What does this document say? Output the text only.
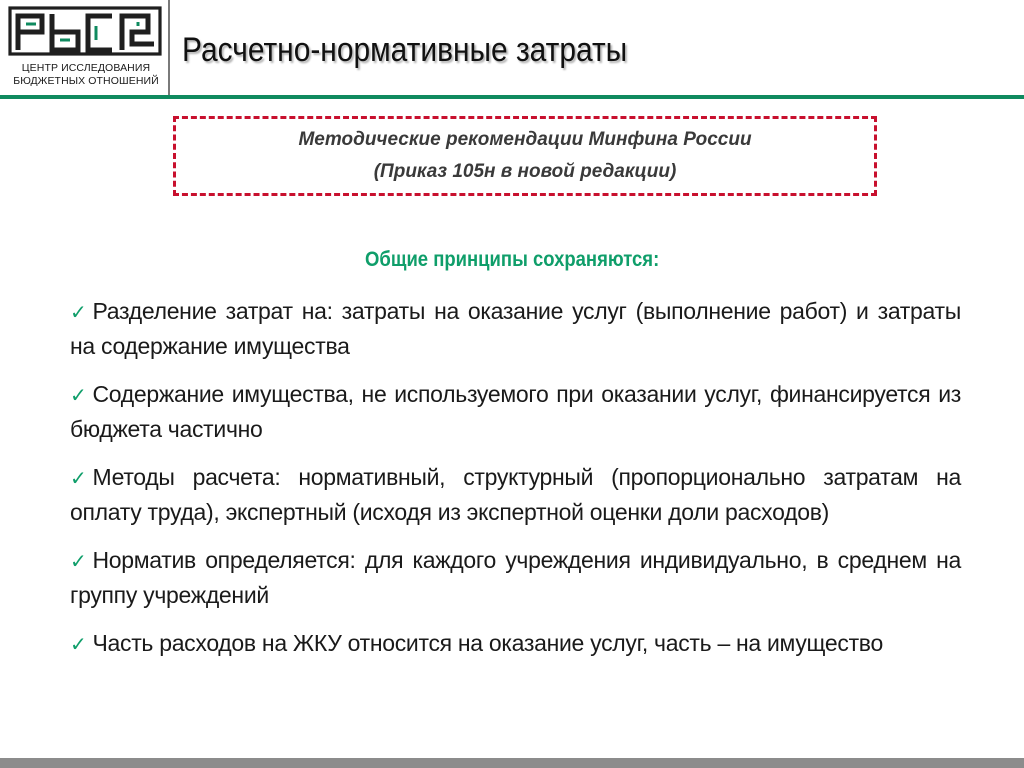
ЦЕНТР ИССЛЕДОВАНИЯ
БЮДЖЕТНЫХ ОТНОШЕНИЙ
Расчетно-нормативные затраты
Методические рекомендации Минфина России
(Приказ 105н в новой редакции)
Общие принципы сохраняются:
✓ Разделение затрат на: затраты на оказание услуг (выполнение работ) и затраты на содержание имущества
✓ Содержание имущества, не используемого при оказании услуг, финансируется из бюджета частично
✓ Методы расчета: нормативный, структурный (пропорционально затратам на оплату труда), экспертный (исходя из экспертной оценки доли расходов)
✓ Норматив определяется: для каждого учреждения индивидуально, в среднем на группу учреждений
✓ Часть расходов на ЖКУ относится на оказание услуг, часть – на имущество
